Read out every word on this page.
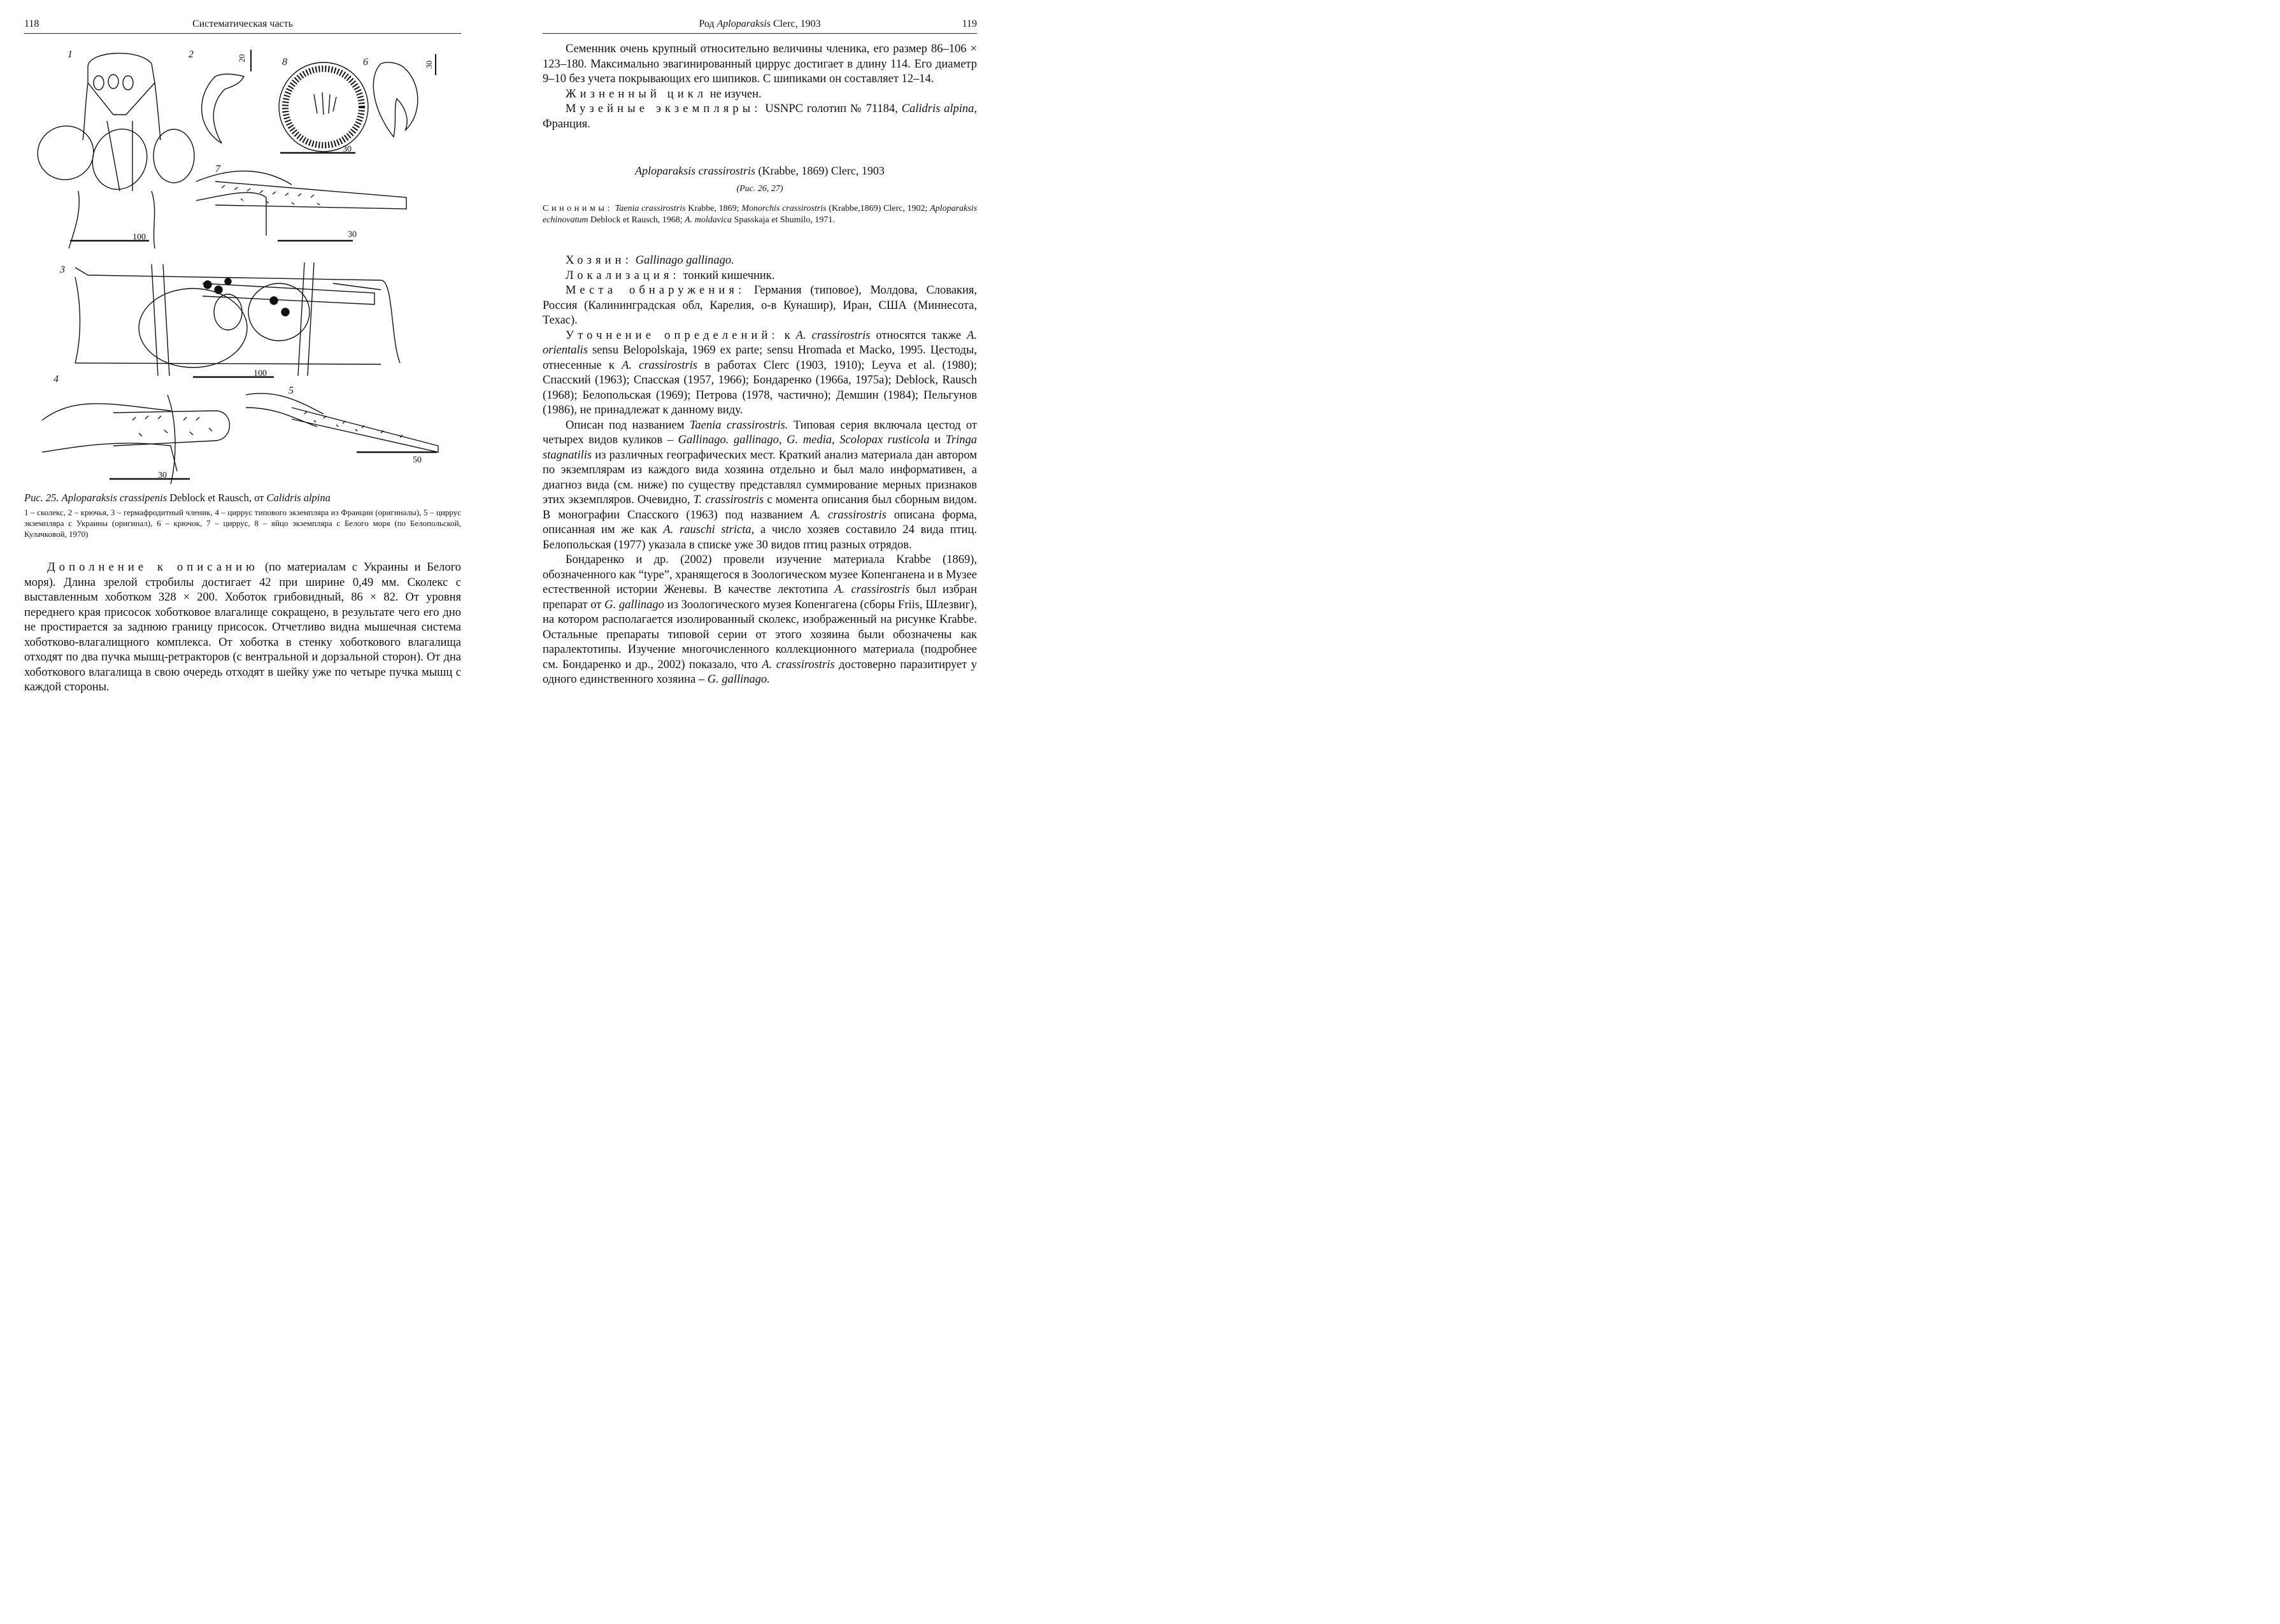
118	Систематическая часть
1	2
3
4
5
6
7
8
100
20
30
30
30
100
30
50
Рис. 25. Aploparaksis crassipenis Deblock et Rausch, от Calidris alpina
1 – сколекс, 2 – крючья, 3 – гермафродитный членик, 4 – циррус типового экземпляра из Франции (оригиналы), 5 – циррус экземпляра с Украины (оригинал), 6 – крючок, 7 – циррус, 8 – яйцо экземпляра с Белого моря (по Белопольской, Кулачковой, 1970)

Дополнение к описанию (по материалам с Украины и Белого моря). Длина зрелой стробилы достигает 42 при ширине 0,49 мм. Сколекс с выставленным хоботком 328 × 200. Хоботок грибовидный, 86 × 82. От уровня переднего края присосок хоботковое влагалище сокращено, в результате чего его дно не простирается за заднюю границу присосок. Отчетливо видна мышечная система хоботково-влагалищного комплекса. От хоботка в стенку хоботкового влагалища отходят по два пучка мышц-ретракторов (с вентральной и дорзальной сторон). От дна хоботкового влагалища в свою очередь отходят в шейку уже по четыре пучка мышц с каждой стороны.

Род Aploparaksis Clerc, 1903	119

Семенник очень крупный относительно величины членика, его размер 86–106 × 123–180. Максимально эвагинированный циррус достигает в длину 114. Его диаметр 9–10 без учета покрывающих его шипиков. С шипиками он составляет 12–14.

Жизненный цикл не изучен.

Музейные экземпляры: USNPC голотип № 71184, Calidris alpina, Франция.

Aploparaksis crassirostris (Krabbe, 1869) Clerc, 1903
(Рис. 26, 27)

Синонимы: Taenia crassirostris Krabbe, 1869; Monorchis crassirostris (Krabbe,1869) Clerc, 1902; Aploparaksis echinovatum Deblock et Rausch, 1968; A. moldavica Spasskaja et Shumilo, 1971.

Хозяин: Gallinago gallinago.

Локализация: тонкий кишечник.

Места обнаружения: Германия (типовое), Молдова, Словакия, Россия (Калининградская обл, Карелия, о-в Кунашир), Иран, США (Миннесота, Техас).

Уточнение определений: к A. crassirostris относятся также A. orientalis sensu Belopolskaja, 1969 ex parte; sensu Hromada et Macko, 1995. Цестоды, отнесенные к A. crassirostris в работах Clerc (1903, 1910); Leyva et al. (1980); Спасский (1963); Спасская (1957, 1966); Бондаренко (1966а, 1975а); Deblock, Rausch (1968); Белопольская (1969); Петрова (1978, частично); Демшин (1984); Пельгунов (1986), не принадлежат к данному виду.

Описан под названием Taenia crassirostris. Типовая серия включала цестод от четырех видов куликов – Gallinago. gallinago, G. media, Scolopax rusticola и Tringa stagnatilis из различных географических мест. Краткий анализ материала дан автором по экземплярам из каждого вида хозяина отдельно и был мало информативен, а диагноз вида (см. ниже) по существу представлял суммирование мерных признаков этих экземпляров. Очевидно, T. crassirostris с момента описания был сборным видом. В монографии Спасского (1963) под названием A. crassirostris описана форма, описанная им же как A. rauschi stricta, а число хозяев составило 24 вида птиц. Белопольская (1977) указала в списке уже 30 видов птиц разных отрядов.

Бондаренко и др. (2002) провели изучение материала Krabbe (1869), обозначенного как “type”, хранящегося в Зоологическом музее Копенганена и в Музее естественной истории Женевы. В качестве лектотипа A. crassirostris был избран препарат от G. gallinago из Зоологического музея Копенгагена (сборы Friis, Шлезвиг), на котором располагается изолированный сколекс, изображенный на рисунке Krabbe. Остальные препараты типовой серии от этого хозяина были обозначены как паралектотипы. Изучение многочисленного коллекционного материала (подробнее см. Бондаренко и др., 2002) показало, что A. crassirostris достоверно паразитирует у одного единственного хозяина – G. gallinago.
